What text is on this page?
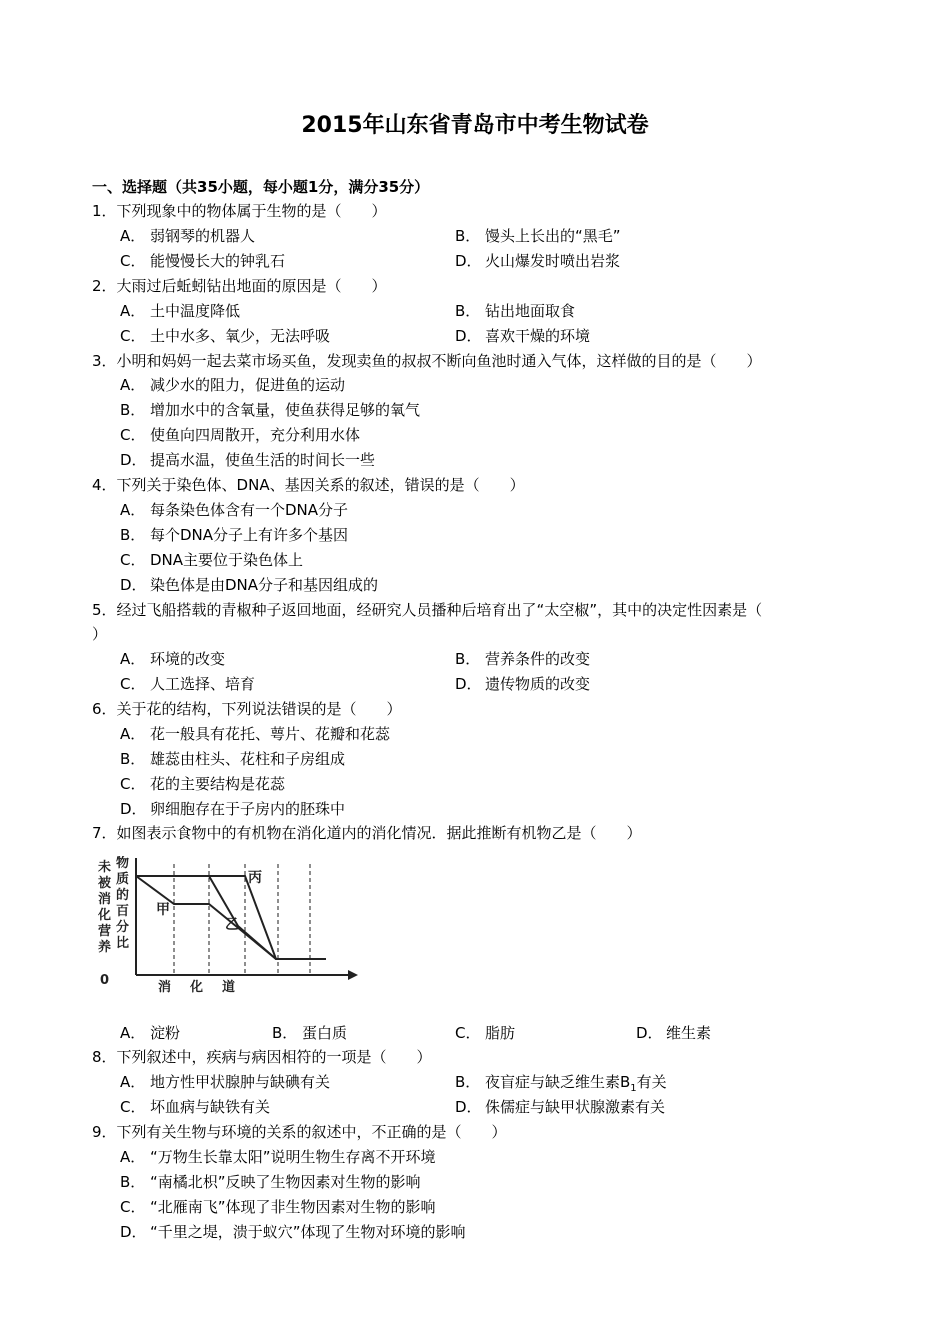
2015年山东省青岛市中考生物试卷
一、选择题（共35小题，每小题1分，满分35分）
1．下列现象中的物体属于生物的是（　　）
A． 弱钢琴的机器人	B． 馒头上长出的“黑毛”
C． 能慢慢长大的钟乳石	D． 火山爆发时喷出岩浆
2．大雨过后蚯蚓钻出地面的原因是（　　）
A． 土中温度降低	B． 钻出地面取食
C． 土中水多、氧少，无法呼吸	D． 喜欢干燥的环境
3．小明和妈妈一起去菜市场买鱼，发现卖鱼的叔叔不断向鱼池时通入气体，这样做的目的是（　　）
A． 减少水的阻力，促进鱼的运动
B． 增加水中的含氧量，使鱼获得足够的氧气
C． 使鱼向四周散开，充分利用水体
D． 提高水温，使鱼生活的时间长一些
4．下列关于染色体、DNA、基因关系的叙述，错误的是（　　）
A． 每条染色体含有一个DNA分子
B． 每个DNA分子上有许多个基因
C． DNA主要位于染色体上
D． 染色体是由DNA分子和基因组成的
5．经过飞船搭载的青椒种子返回地面，经研究人员播种后培育出了“太空椒”，其中的决定性因素是（
）
A． 环境的改变	B． 营养条件的改变
C． 人工选择、培育	D． 遗传物质的改变
6．关于花的结构，下列说法错误的是（　　）
A． 花一般具有花托、萼片、花瓣和花蕊
B． 雄蕊由柱头、花柱和子房组成
C． 花的主要结构是花蕊
D． 卵细胞存在于子房内的胚珠中
7．如图表示食物中的有机物在消化道内的消化情况．据此推断有机物乙是（　　）
未
被
消
化
营
养
物
质
的
百
分
比
0	消 化 道
丙
甲
乙
A． 淀粉	B． 蛋白质	C． 脂肪	D． 维生素
8．下列叙述中，疾病与病因相符的一项是（　　）
A． 地方性甲状腺肿与缺碘有关	B． 夜盲症与缺乏维生素$B_1$有关
C． 坏血病与缺铁有关	D． 侏儒症与缺甲状腺激素有关
9．下列有关生物与环境的关系的叙述中，不正确的是（　　）
A． “万物生长靠太阳”说明生物生存离不开环境
B． “南橘北枳”反映了生物因素对生物的影响
C． “北雁南飞”体现了非生物因素对生物的影响
D． “千里之堤，溃于蚁穴”体现了生物对环境的影响
